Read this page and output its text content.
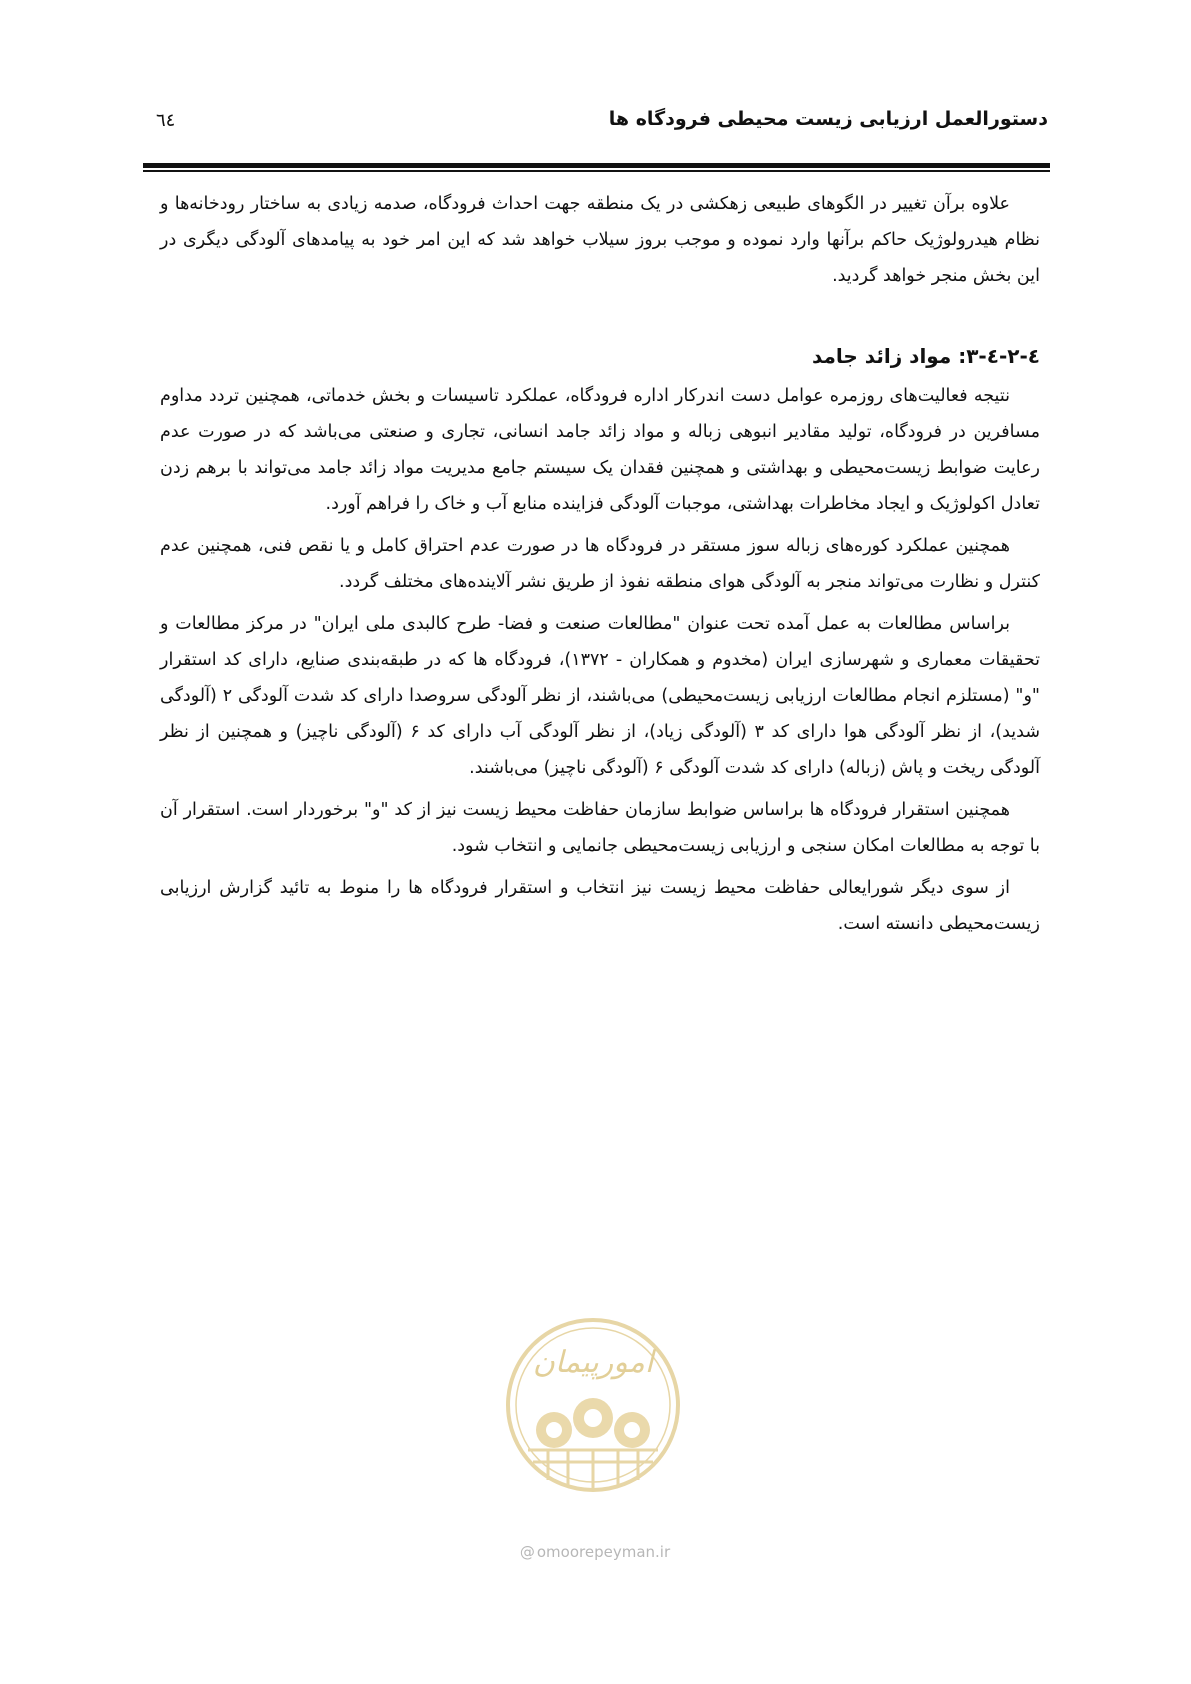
دستورالعمل ارزیابی زیست محیطی فرودگاه ها
٦٤

علاوه برآن تغییر در الگوهای طبیعی زهکشی در یک منطقه جهت احداث فرودگاه، صدمه زیادی به ساختار رودخانه‌ها و نظام هیدرولوژیک حاکم برآنها وارد نموده و موجب بروز سیلاب خواهد شد که این امر خود به پیامدهای آلودگی دیگری در این بخش منجر خواهد گردید.

٤-٢-٤-٣: مواد زائد جامد

نتیجه فعالیت‌های روزمره عوامل دست اندرکار اداره فرودگاه، عملکرد تاسیسات و بخش خدماتی، همچنین تردد مداوم مسافرین در فرودگاه، تولید مقادیر انبوهی زباله و مواد زائد جامد انسانی، تجاری و صنعتی می‌باشد که در صورت عدم رعایت ضوابط زیست‌محیطی و بهداشتی و همچنین فقدان یک سیستم جامع مدیریت مواد زائد جامد می‌تواند با برهم زدن تعادل اکولوژیک و ایجاد مخاطرات بهداشتی، موجبات آلودگی فزاینده منابع آب و خاک را فراهم آورد.

همچنین عملکرد کوره‌های زباله سوز مستقر در فرودگاه ها در صورت عدم احتراق کامل و یا نقص فنی، همچنین عدم کنترل و نظارت می‌تواند منجر به آلودگی هوای منطقه نفوذ از طریق نشر آلاینده‌های مختلف گردد.

براساس مطالعات به عمل آمده تحت عنوان "مطالعات صنعت و فضا- طرح کالبدی ملی ایران" در مرکز مطالعات و تحقیقات معماری و شهرسازی ایران (مخدوم و همکاران - ١٣٧٢)، فرودگاه ها که در طبقه‌بندی صنایع، دارای کد استقرار "و" (مستلزم انجام مطالعات ارزیابی زیست‌محیطی) می‌باشند، از نظر آلودگی سروصدا دارای کد شدت آلودگی ٢ (آلودگی شدید)، از نظر آلودگی هوا دارای کد ٣ (آلودگی زیاد)، از نظر آلودگی آب دارای کد ۶ (آلودگی ناچیز) و همچنین از نظر آلودگی ریخت و پاش (زباله) دارای کد شدت آلودگی ۶ (آلودگی ناچیز) می‌باشند.

همچنین استقرار فرودگاه ها براساس ضوابط سازمان حفاظت محیط زیست نیز از کد "و" برخوردار است. استقرار آن با توجه به مطالعات امکان سنجی و ارزیابی زیست‌محیطی جانمایی و انتخاب شود.

از سوی دیگر شورایعالی حفاظت محیط زیست نیز انتخاب و استقرار فرودگاه ها را منوط به تائید گزارش ارزیابی زیست‌محیطی دانسته است.

امورپیمان
@ omoorepeyman.ir
